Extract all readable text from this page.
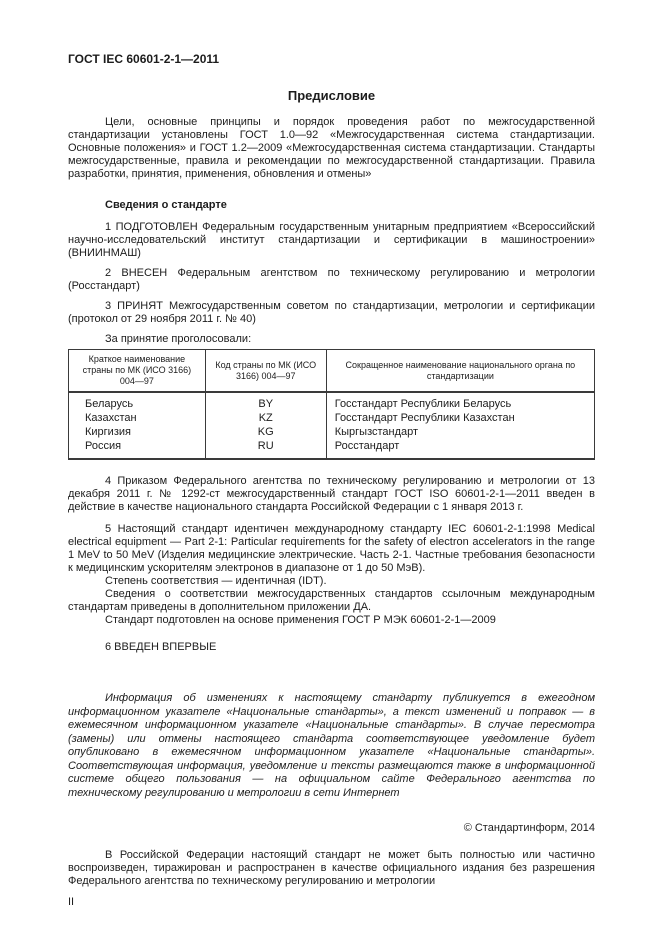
ГОСТ IEC 60601-2-1—2011
Предисловие

Цели, основные принципы и порядок проведения работ по межгосударственной стандартизации установлены ГОСТ 1.0—92 «Межгосударственная система стандартизации. Основные положения» и ГОСТ 1.2—2009 «Межгосударственная система стандартизации. Стандарты межгосударственные, правила и рекомендации по межгосударственной стандартизации. Правила разработки, принятия, применения, обновления и отмены»

Сведения о стандарте

1 ПОДГОТОВЛЕН Федеральным государственным унитарным предприятием «Всероссийский научно-исследовательский институт стандартизации и сертификации в машиностроении» (ВНИИНМАШ)

2 ВНЕСЕН Федеральным агентством по техническому регулированию и метрологии (Росстандарт)

3 ПРИНЯТ Межгосударственным советом по стандартизации, метрологии и сертификации (протокол от 29 ноября 2011 г. № 40)

За принятие проголосовали:

Краткое наименование страны по МК (ИСО 3166) 004—97	Код страны по МК (ИСО 3166) 004—97	Сокращенное наименование национального органа по стандартизации
Беларусь	BY	Госстандарт Республики Беларусь
Казахстан	KZ	Госстандарт Республики Казахстан
Киргизия	KG	Кыргызстандарт
Россия	RU	Росстандарт

4 Приказом Федерального агентства по техническому регулированию и метрологии от 13 декабря 2011 г. № 1292-ст межгосударственный стандарт ГОСТ ISO 60601-2-1—2011 введен в действие в качестве национального стандарта Российской Федерации с 1 января 2013 г.

5 Настоящий стандарт идентичен международному стандарту IEC 60601-2-1:1998 Medical electrical equipment — Part 2-1: Particular requirements for the safety of electron accelerators in the range 1 MeV to 50 MeV (Изделия медицинские электрические. Часть 2-1. Частные требования безопасности к медицинским ускорителям электронов в диапазоне от 1 до 50 МэВ).

Степень соответствия — идентичная (IDT).

Сведения о соответствии межгосударственных стандартов ссылочным международным стандартам приведены в дополнительном приложении ДА.

Стандарт подготовлен на основе применения ГОСТ Р МЭК 60601-2-1—2009

6 ВВЕДЕН ВПЕРВЫЕ

Информация об изменениях к настоящему стандарту публикуется в ежегодном информационном указателе «Национальные стандарты», а текст изменений и поправок — в ежемесячном информационном указателе «Национальные стандарты». В случае пересмотра (замены) или отмены настоящего стандарта соответствующее уведомление будет опубликовано в ежемесячном информационном указателе «Национальные стандарты». Соответствующая информация, уведомление и тексты размещаются также в информационной системе общего пользования — на официальном сайте Федерального агентства по техническому регулированию и метрологии в сети Интернет

© Стандартинформ, 2014

В Российской Федерации настоящий стандарт не может быть полностью или частично воспроизведен, тиражирован и распространен в качестве официального издания без разрешения Федерального агентства по техническому регулированию и метрологии

II
